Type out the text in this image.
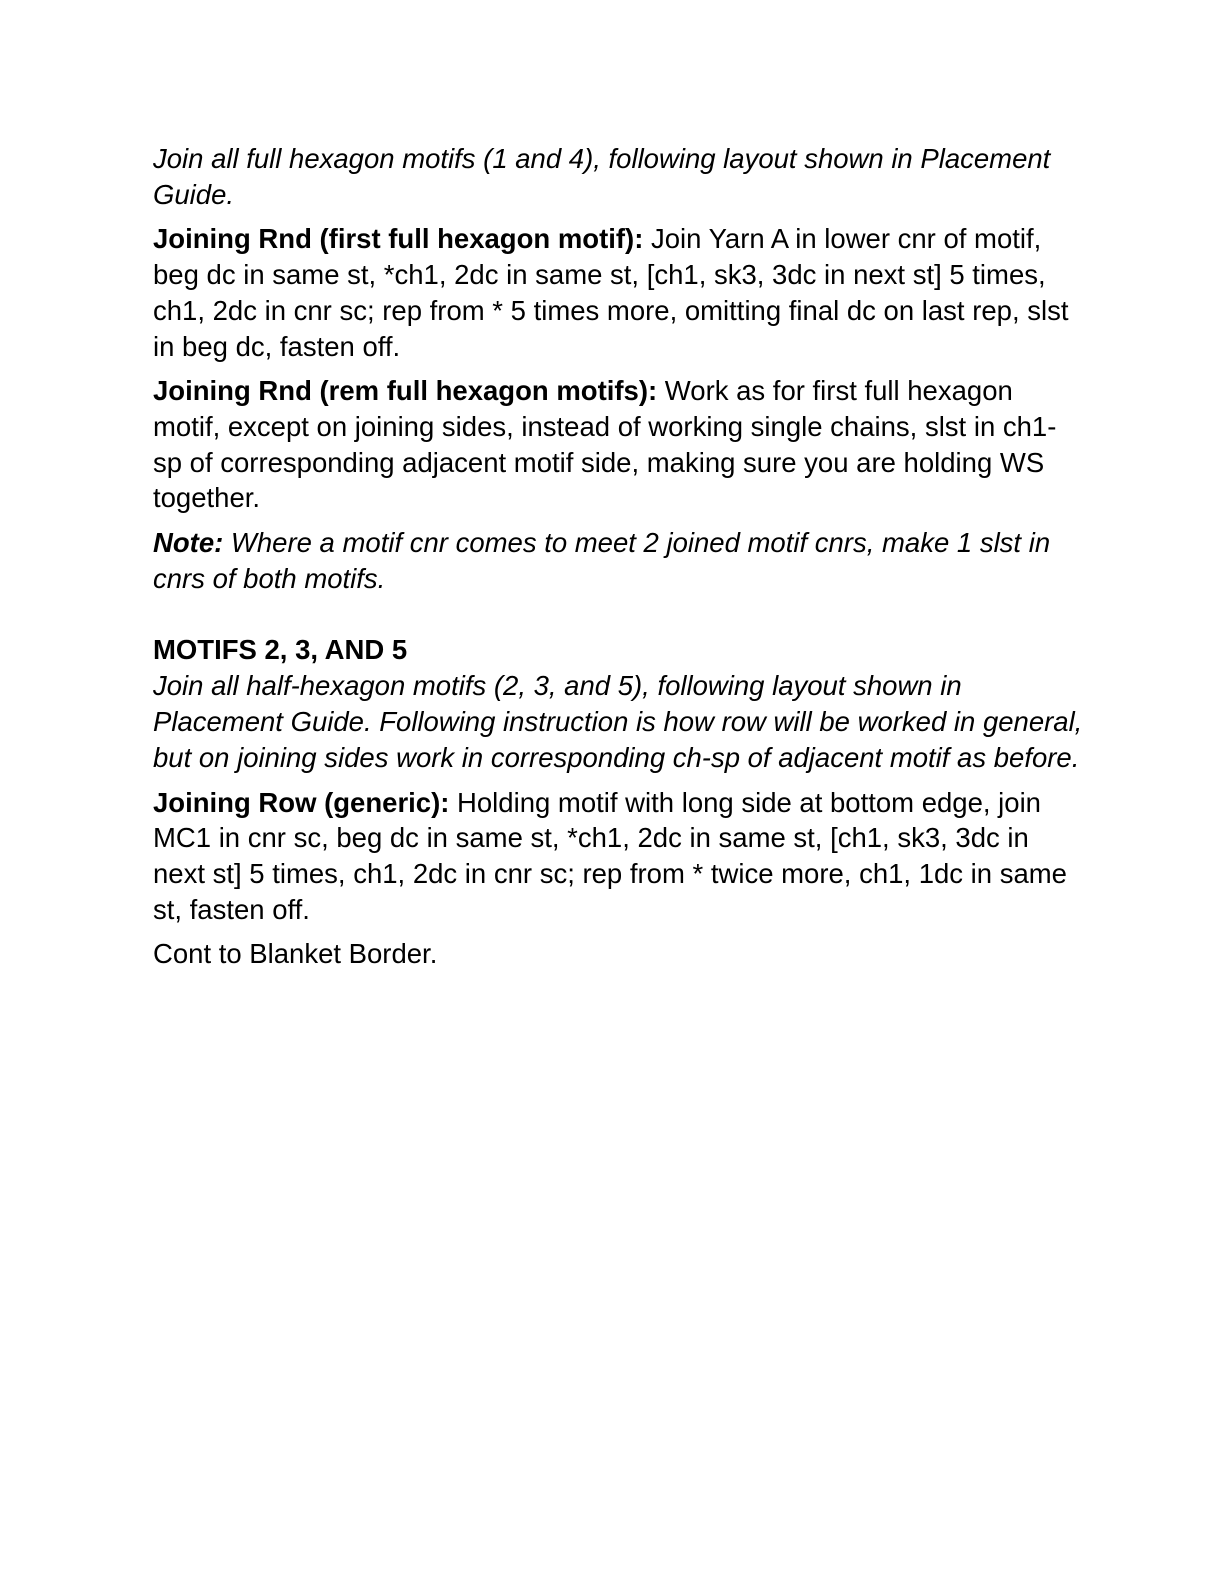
Join all full hexagon motifs (1 and 4), following layout shown in Placement Guide.

Joining Rnd (first full hexagon motif): Join Yarn A in lower cnr of motif, beg dc in same st, *ch1, 2dc in same st, [ch1, sk3, 3dc in next st] 5 times, ch1, 2dc in cnr sc; rep from * 5 times more, omitting final dc on last rep, slst in beg dc, fasten off.

Joining Rnd (rem full hexagon motifs): Work as for first full hexagon motif, except on joining sides, instead of working single chains, slst in ch1-sp of corresponding adjacent motif side, making sure you are holding WS together.

Note: Where a motif cnr comes to meet 2 joined motif cnrs, make 1 slst in cnrs of both motifs.

MOTIFS 2, 3, AND 5

Join all half-hexagon motifs (2, 3, and 5), following layout shown in Placement Guide. Following instruction is how row will be worked in general, but on joining sides work in corresponding ch-sp of adjacent motif as before.

Joining Row (generic): Holding motif with long side at bottom edge, join MC1 in cnr sc, beg dc in same st, *ch1, 2dc in same st, [ch1, sk3, 3dc in next st] 5 times, ch1, 2dc in cnr sc; rep from * twice more, ch1, 1dc in same st, fasten off.

Cont to Blanket Border.
